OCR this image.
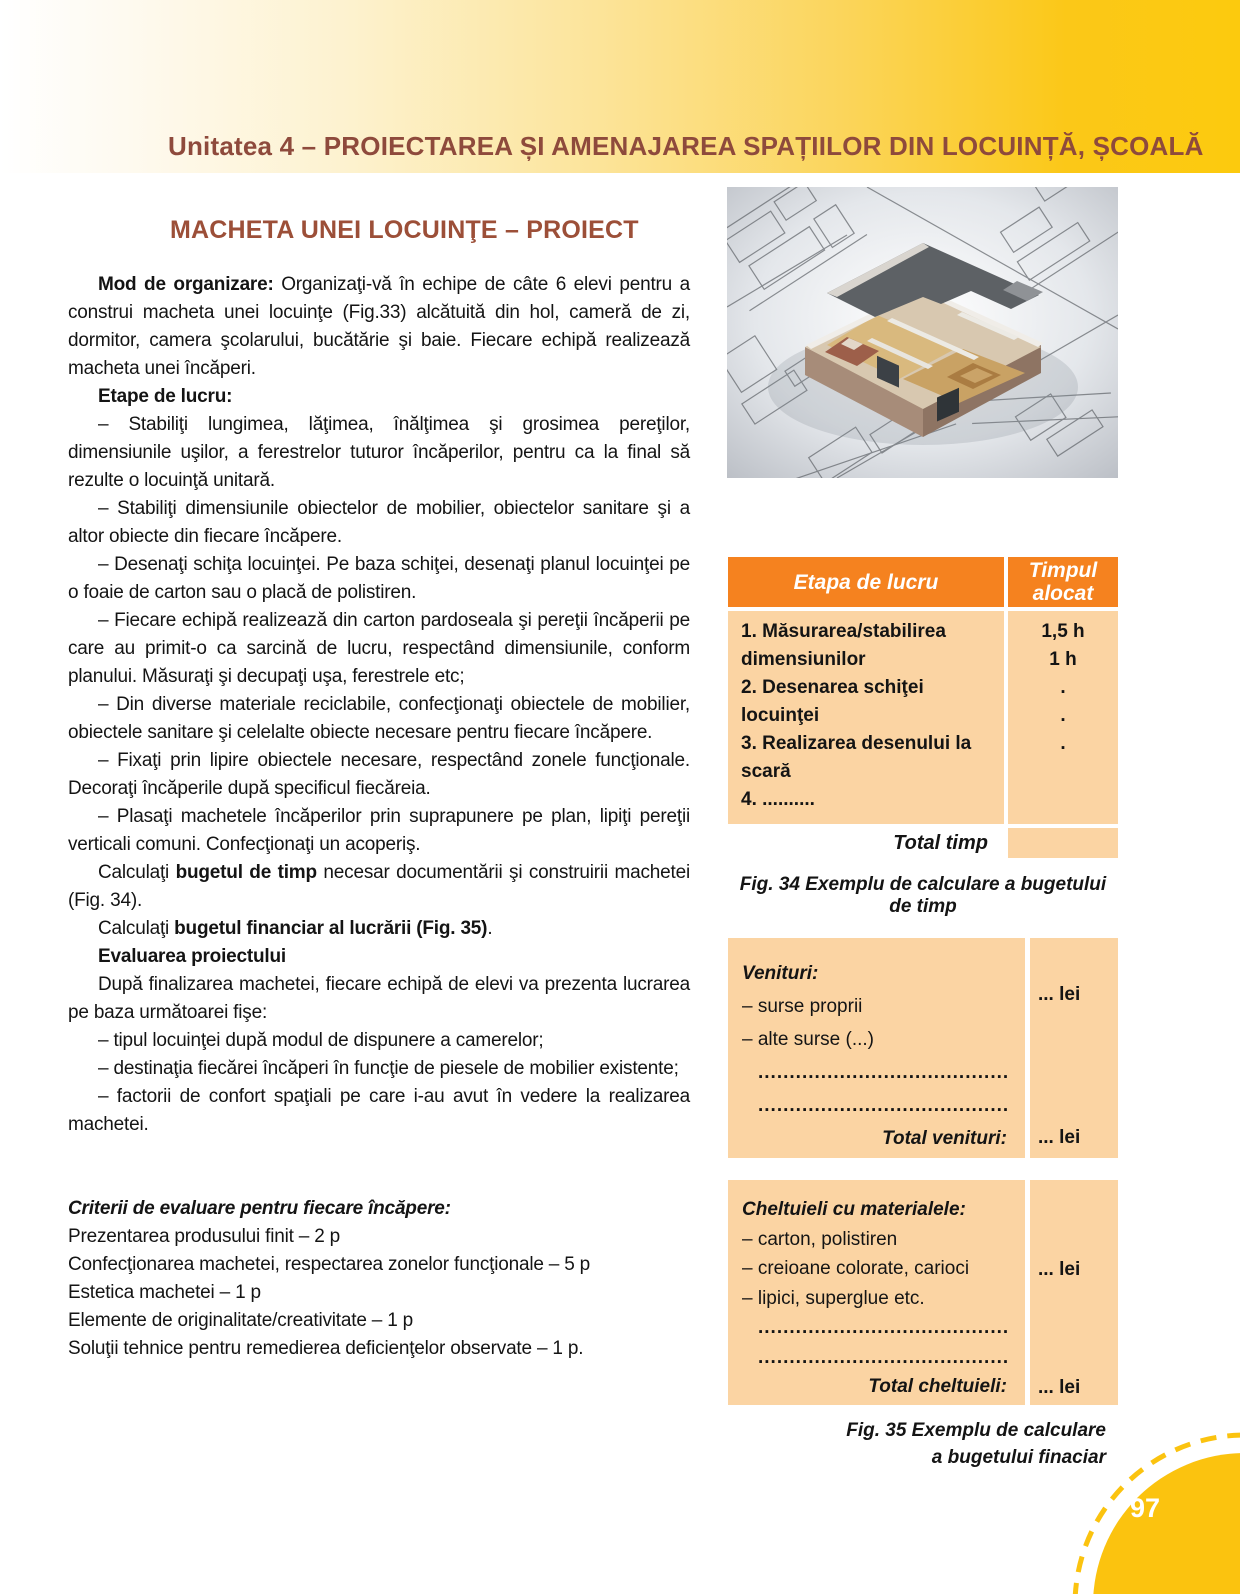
Unitatea 4 – PROIECTAREA ȘI AMENAJAREA SPAȚIILOR DIN LOCUINȚĂ, ȘCOALĂ
MACHETA UNEI LOCUINŢE – PROIECT

Mod de organizare: Organizaţi-vă în echipe de câte 6 elevi pentru a construi macheta unei locuinţe (Fig.33) alcătuită din hol, cameră de zi, dormitor, camera şcolarului, bucătărie şi baie. Fiecare echipă realizează macheta unei încăperi.

Etape de lucru:

– Stabiliţi lungimea, lăţimea, înălţimea şi grosimea pereţilor, dimensiunile uşilor, a ferestrelor tuturor încăperilor, pentru ca la final să rezulte o locuinţă unitară.

– Stabiliţi dimensiunile obiectelor de mobilier, obiectelor sanitare şi a altor obiecte din fiecare încăpere.

– Desenaţi schiţa locuinţei. Pe baza schiţei, desenaţi planul locuinţei pe o foaie de carton sau o placă de polistiren.

– Fiecare echipă realizează din carton pardoseala şi pereţii încăperii pe care au primit-o ca sarcină de lucru, respectând dimensiunile, conform planului. Măsuraţi şi decupaţi uşa, ferestrele etc;

– Din diverse materiale reciclabile, confecţionaţi obiectele de mobilier, obiectele sanitare şi celelalte obiecte necesare pentru fiecare încăpere.

– Fixaţi prin lipire obiectele necesare, respectând zonele funcţionale. Decoraţi încăperile după specificul fiecăreia.

– Plasaţi machetele încăperilor prin suprapunere pe plan, lipiţi pereţii verticali comuni. Confecţionaţi un acoperiş.

Calculaţi bugetul de timp necesar documentării şi construirii machetei (Fig. 34).

Calculaţi bugetul financiar al lucrării (Fig. 35).

Evaluarea proiectului

După finalizarea machetei, fiecare echipă de elevi va prezenta lucrarea pe baza următoarei fişe:

– tipul locuinţei după modul de dispunere a camerelor;

– destinaţia fiecărei încăperi în funcţie de piesele de mobilier existente;

– factorii de confort spaţiali pe care i-au avut în vedere la realizarea machetei.

Criterii de evaluare pentru fiecare încăpere:

Prezentarea produsului finit – 2 p

Confecţionarea machetei, respectarea zonelor funcţionale – 5 p

Estetica machetei – 1 p

Elemente de originalitate/creativitate – 1 p

Soluţii tehnice pentru remedierea deficienţelor observate – 1 p.

Etapa de lucru	Timpul alocat
1. Măsurarea/stabilirea dimensiunilor
2. Desenarea schiţei locuinţei
3. Realizarea desenului la scară
4. ..........
1,5 h
1 h
.
.
.
Total timp
Fig. 34 Exemplu de calculare a bugetului de timp
Venituri:
– surse proprii
– alte surse (...)
........................................
........................................
Total venituri:
... lei
... lei
Cheltuieli cu materialele:
– carton, polistiren
– creioane colorate, carioci
– lipici, superglue etc.
........................................
........................................
Total cheltuieli:
... lei
... lei
Fig. 35 Exemplu de calculare
a bugetului finaciar
97
